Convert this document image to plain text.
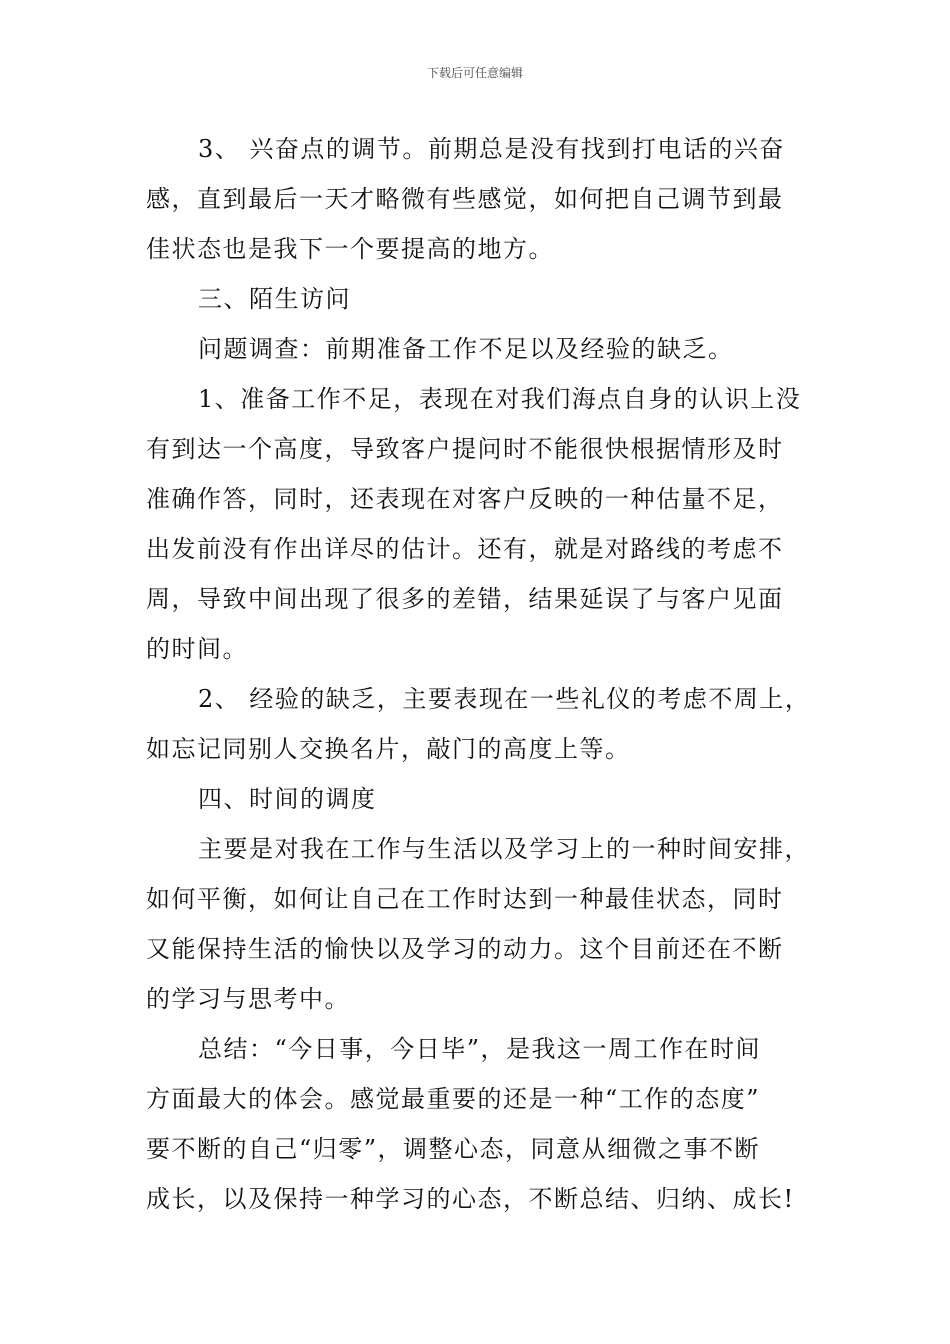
下载后可任意编辑
3、 兴奋点的调节。前期总是没有找到打电话的兴奋
感，直到最后一天才略微有些感觉，如何把自己调节到最
佳状态也是我下一个要提高的地方。
三、陌生访问
问题调查：前期准备工作不足以及经验的缺乏。
1、准备工作不足，表现在对我们海点自身的认识上没
有到达一个高度，导致客户提问时不能很快根据情形及时
准确作答，同时，还表现在对客户反映的一种估量不足，
出发前没有作出详尽的估计。还有，就是对路线的考虑不
周，导致中间出现了很多的差错，结果延误了与客户见面
的时间。
2、 经验的缺乏，主要表现在一些礼仪的考虑不周上，
如忘记同别人交换名片，敲门的高度上等。
四、时间的调度
主要是对我在工作与生活以及学习上的一种时间安排，
如何平衡，如何让自己在工作时达到一种最佳状态，同时
又能保持生活的愉快以及学习的动力。这个目前还在不断
的学习与思考中。
总结：“今日事，今日毕”，是我这一周工作在时间
方面最大的体会。感觉最重要的还是一种“工作的态度”
要不断的自己“归零”，调整心态，同意从细微之事不断
成长，以及保持一种学习的心态，不断总结、归纳、成长!
